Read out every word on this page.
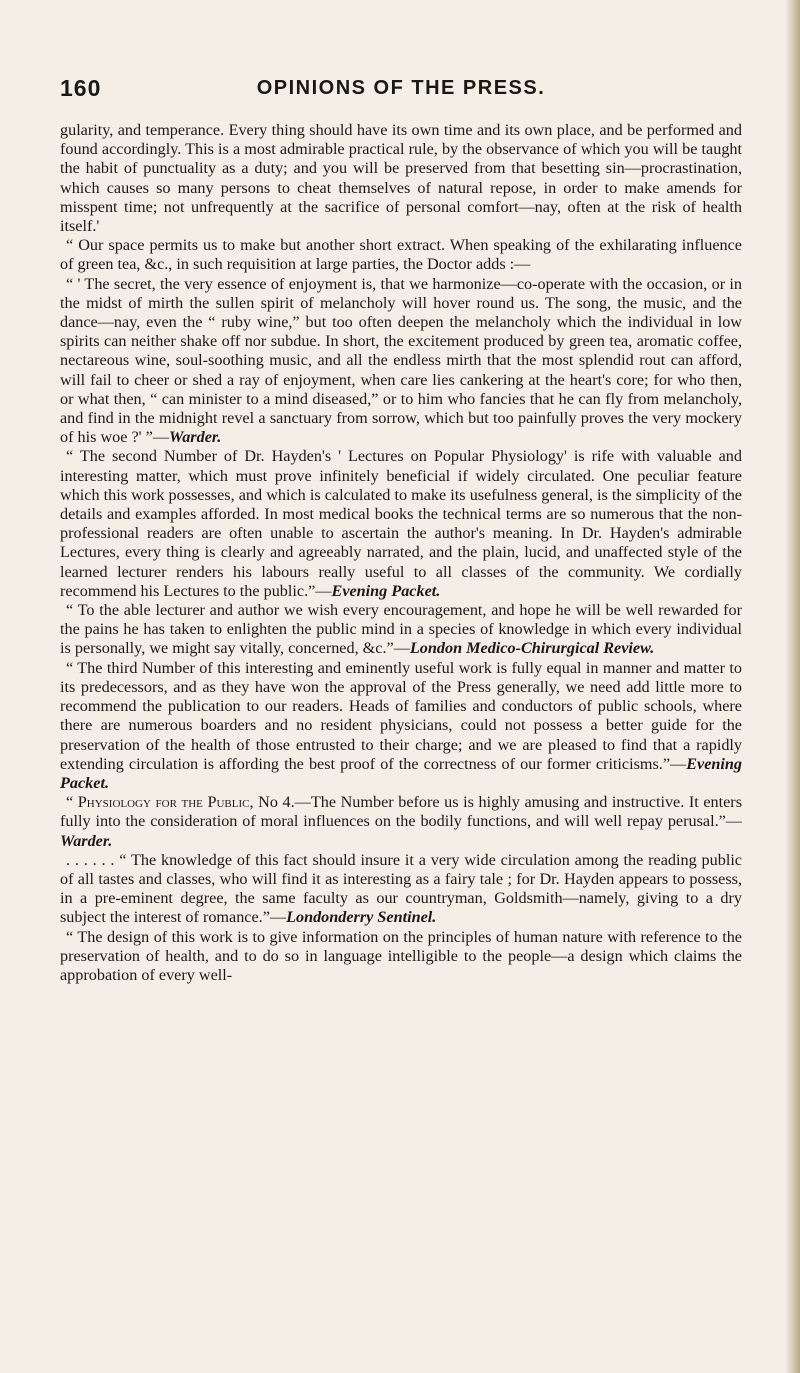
160	OPINIONS OF THE PRESS.

gularity, and temperance. Every thing should have its own time and its own place, and be performed and found accordingly. This is a most admirable practical rule, by the observance of which you will be taught the habit of punctuality as a duty; and you will be preserved from that besetting sin—procrastination, which causes so many persons to cheat themselves of natural repose, in order to make amends for misspent time; not unfrequently at the sacrifice of personal comfort—nay, often at the risk of health itself.'

“ Our space permits us to make but another short extract. When speaking of the exhilarating influence of green tea, &c., in such requisition at large parties, the Doctor adds :—

“ ' The secret, the very essence of enjoyment is, that we harmonize—co-operate with the occasion, or in the midst of mirth the sullen spirit of melancholy will hover round us. The song, the music, and the dance—nay, even the “ ruby wine,” but too often deepen the melancholy which the individual in low spirits can neither shake off nor subdue. In short, the excitement produced by green tea, aromatic coffee, nectareous wine, soul-soothing music, and all the endless mirth that the most splendid rout can afford, will fail to cheer or shed a ray of enjoyment, when care lies cankering at the heart's core; for who then, or what then, “ can minister to a mind diseased,” or to him who fancies that he can fly from melancholy, and find in the midnight revel a sanctuary from sorrow, which but too painfully proves the very mockery of his woe ?' ”—Warder.

“ The second Number of Dr. Hayden's ' Lectures on Popular Physiology' is rife with valuable and interesting matter, which must prove infinitely beneficial if widely circulated. One peculiar feature which this work possesses, and which is calculated to make its usefulness general, is the simplicity of the details and examples afforded. In most medical books the technical terms are so numerous that the non-professional readers are often unable to ascertain the author's meaning. In Dr. Hayden's admirable Lectures, every thing is clearly and agreeably narrated, and the plain, lucid, and unaffected style of the learned lecturer renders his labours really useful to all classes of the community. We cordially recommend his Lectures to the public.”—Evening Packet.

“ To the able lecturer and author we wish every encouragement, and hope he will be well rewarded for the pains he has taken to enlighten the public mind in a species of knowledge in which every individual is personally, we might say vitally, concerned, &c.”—London Medico-Chirurgical Review.

“ The third Number of this interesting and eminently useful work is fully equal in manner and matter to its predecessors, and as they have won the approval of the Press generally, we need add little more to recommend the publication to our readers. Heads of families and conductors of public schools, where there are numerous boarders and no resident physicians, could not possess a better guide for the preservation of the health of those entrusted to their charge; and we are pleased to find that a rapidly extending circulation is affording the best proof of the correctness of our former criticisms.”—Evening Packet.

“ Physiology for the Public, No 4.—The Number before us is highly amusing and instructive. It enters fully into the consideration of moral influences on the bodily functions, and will well repay perusal.”—Warder.

. . . . . . “ The knowledge of this fact should insure it a very wide circulation among the reading public of all tastes and classes, who will find it as interesting as a fairy tale ; for Dr. Hayden appears to possess, in a pre-eminent degree, the same faculty as our countryman, Goldsmith—namely, giving to a dry subject the interest of romance.”—Londonderry Sentinel.

“ The design of this work is to give information on the principles of human nature with reference to the preservation of health, and to do so in language intelligible to the people—a design which claims the approbation of every well-
